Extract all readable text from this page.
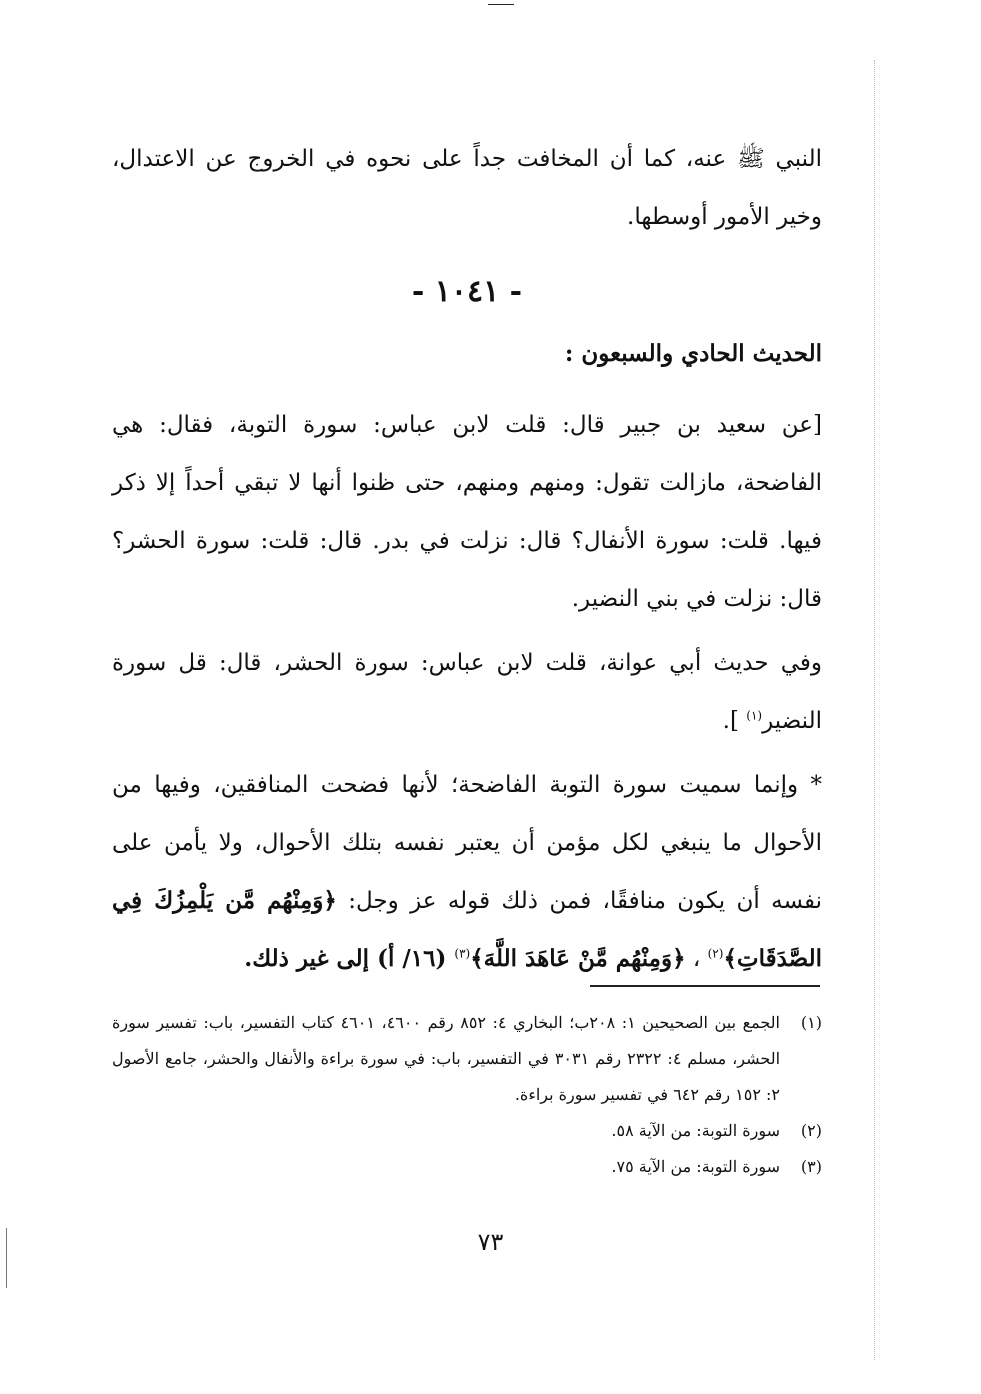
النبي ﷺ عنه، كما أن المخافت جداً على نحوه في الخروج عن الاعتدال، وخير الأمور أوسطها.

- ١٠٤١ -
الحديث الحادي والسبعون :

[عن سعيد بن جبير قال: قلت لابن عباس: سورة التوبة، فقال: هي الفاضحة، مازالت تقول: ومنهم ومنهم، حتى ظنوا أنها لا تبقي أحداً إلا ذكر فيها. قلت: سورة الأنفال؟ قال: نزلت في بدر. قال: قلت: سورة الحشر؟ قال: نزلت في بني النضير.

وفي حديث أبي عوانة، قلت لابن عباس: سورة الحشر، قال: قل سورة النضير$^{(١)}$ ].

* وإنما سميت سورة التوبة الفاضحة؛ لأنها فضحت المنافقين، وفيها من الأحوال ما ينبغي لكل مؤمن أن يعتبر نفسه بتلك الأحوال، ولا يأمن على نفسه أن يكون منافقًا، فمن ذلك قوله عز وجل: ﴿وَمِنْهُم مَّن يَلْمِزُكَ فِي الصَّدَقَاتِ﴾$^{(٢)}$ ، ﴿وَمِنْهُم مَّنْ عَاهَدَ اللَّهَ﴾$^{(٣)}$ (١٦/ أ) إلى غير ذلك.

(١)
الجمع بين الصحيحين ١: ٢٠٨ب؛ البخاري ٤: ٨٥٢ رقم ٤٦٠٠، ٤٦٠١ كتاب التفسير، باب: تفسير سورة الحشر، مسلم ٤: ٢٣٢٢ رقم ٣٠٣١ في التفسير، باب: في سورة براءة والأنفال والحشر، جامع الأصول ٢: ١٥٢ رقم ٦٤٢ في تفسير سورة براءة.
(٢)
سورة التوبة: من الآية ٥٨.
(٣)
سورة التوبة: من الآية ٧٥.
٧٣
